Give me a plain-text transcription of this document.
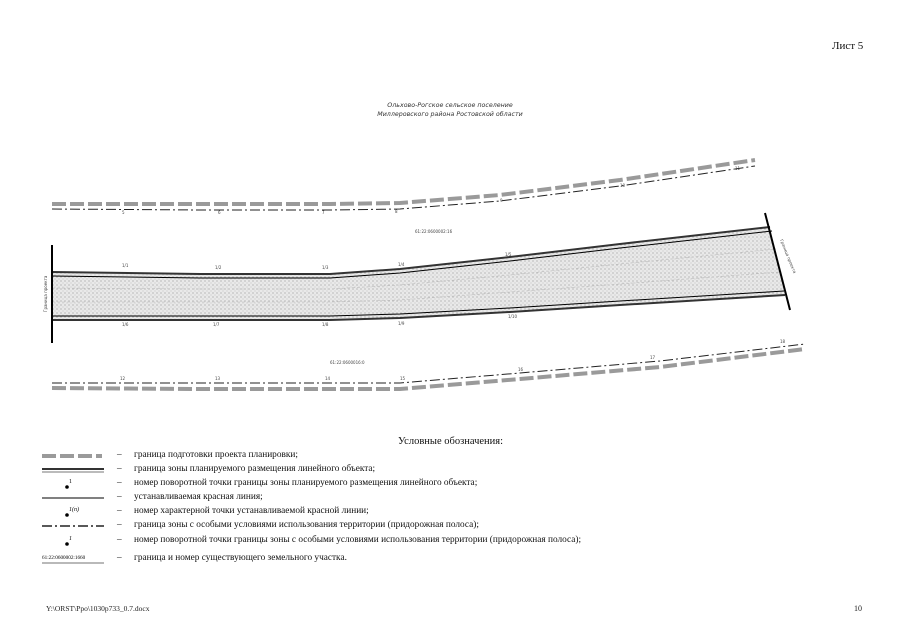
Лист 5
Ольхово-Рогское сельское поселение
Миллеровского района Ростовской области
61:22:0600002:16
61:22:0600016:0
Граница проекта
Граница проекта
1/1	1/2	1/3
1/4
1/5
1/6	1/7	1/8	1/9
1/10
5	6	7	8
9
10
11
12	13	14	15
16
17
18
Условные обозначения:
– граница подготовки проекта планировки;
– граница зоны планируемого размещения линейного объекта;
1	– номер поворотной точки границы зоны планируемого размещения линейного объекта;
– устанавливаемая красная линия;
1(п)	– номер характерной точки устанавливаемой красной линии;
– граница зоны с особыми условиями использования территории (придорожная полоса);
1	– номер поворотной точки границы зоны с особыми условиями использования территории (придорожная полоса);
61:22:0600002:1660	– граница и номер существующего земельного участка.
Y:\ORST\Ppo\1030p733_0.7.docx	10
